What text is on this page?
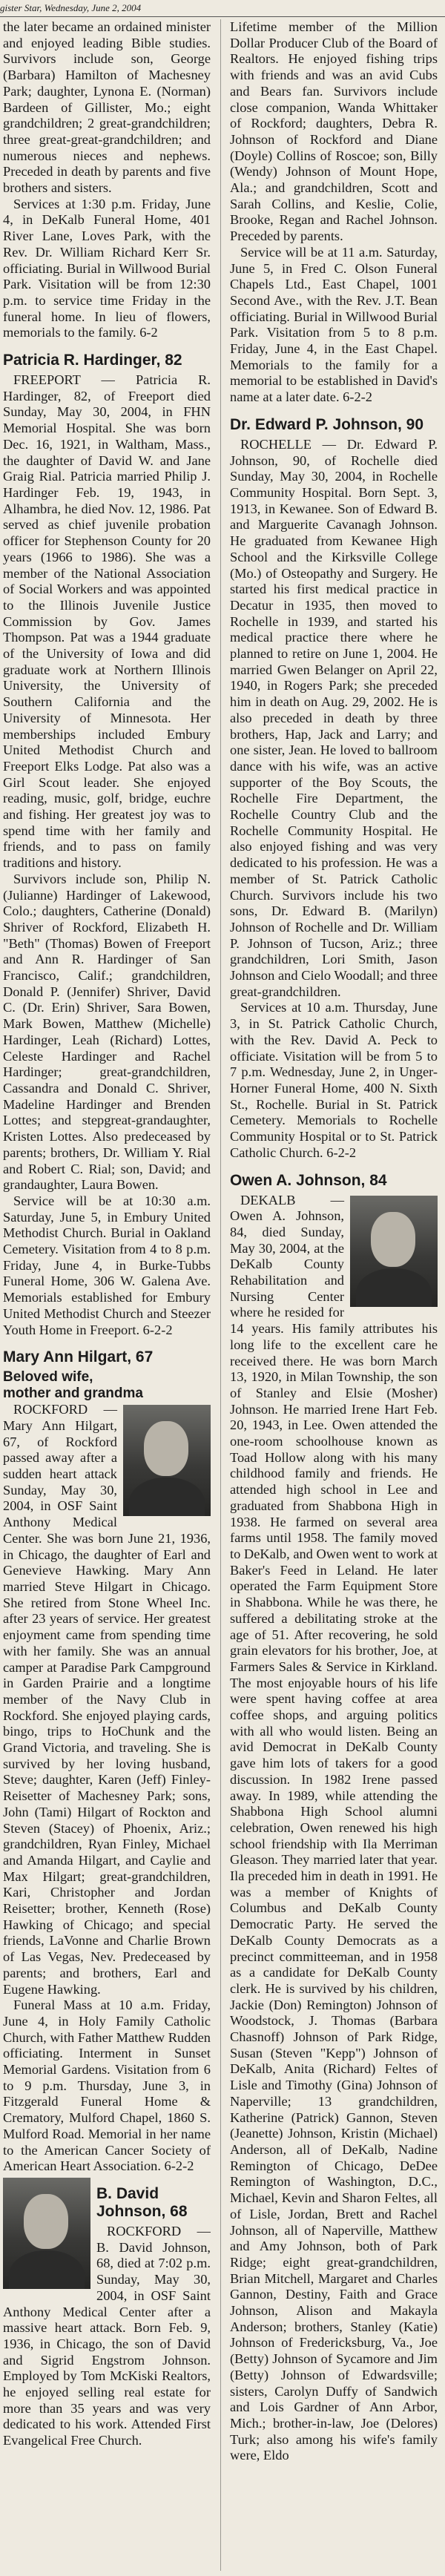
gister Star, Wednesday, June 2, 2004

the later became an ordained minister and enjoyed leading Bible studies. Survivors include son, George (Barbara) Hamilton of Machesney Park; daughter, Lynona E. (Norman) Bardeen of Gillister, Mo.; eight grandchildren; 2 great-grandchildren; three great-great-grandchildren; and numerous nieces and nephews. Preceded in death by parents and five brothers and sisters.

Services at 1:30 p.m. Friday, June 4, in DeKalb Funeral Home, 401 River Lane, Loves Park, with the Rev. Dr. William Richard Kerr Sr. officiating. Burial in Willwood Burial Park. Visitation will be from 12:30 p.m. to service time Friday in the funeral home. In lieu of flowers, memorials to the family. 6-2

Patricia R. Hardinger, 82

FREEPORT — Patricia R. Hardinger, 82, of Freeport died Sunday, May 30, 2004, in FHN Memorial Hospital. She was born Dec. 16, 1921, in Waltham, Mass., the daughter of David W. and Jane Graig Rial. Patricia married Philip J. Hardinger Feb. 19, 1943, in Alhambra, he died Nov. 12, 1986. Pat served as chief juvenile probation officer for Stephenson County for 20 years (1966 to 1986). She was a member of the National Association of Social Workers and was appointed to the Illinois Juvenile Justice Commission by Gov. James Thompson. Pat was a 1944 graduate of the University of Iowa and did graduate work at Northern Illinois University, the University of Southern California and the University of Minnesota. Her memberships included Embury United Methodist Church and Freeport Elks Lodge. Pat also was a Girl Scout leader. She enjoyed reading, music, golf, bridge, euchre and fishing. Her greatest joy was to spend time with her family and friends, and to pass on family traditions and history.

Survivors include son, Philip N. (Julianne) Hardinger of Lakewood, Colo.; daughters, Catherine (Donald) Shriver of Rockford, Elizabeth H. "Beth" (Thomas) Bowen of Freeport and Ann R. Hardinger of San Francisco, Calif.; grandchildren, Donald P. (Jennifer) Shriver, David C. (Dr. Erin) Shriver, Sara Bowen, Mark Bowen, Matthew (Michelle) Hardinger, Leah (Richard) Lottes, Celeste Hardinger and Rachel Hardinger; great-grandchildren, Cassandra and Donald C. Shriver, Madeline Hardinger and Brenden Lottes; and stepgreat-grandaughter, Kristen Lottes. Also predeceased by parents; brothers, Dr. William Y. Rial and Robert C. Rial; son, David; and grandaughter, Laura Bowen.

Service will be at 10:30 a.m. Saturday, June 5, in Embury United Methodist Church. Burial in Oakland Cemetery. Visitation from 4 to 8 p.m. Friday, June 4, in Burke-Tubbs Funeral Home, 306 W. Galena Ave. Memorials established for Embury United Methodist Church and Steezer Youth Home in Freeport. 6-2-2

Mary Ann Hilgart, 67
Beloved wife,
mother and grandma

ROCKFORD — Mary Ann Hilgart, 67, of Rockford passed away after a sudden heart attack Sunday, May 30, 2004, in OSF Saint Anthony Medical Center. She was born June 21, 1936, in Chicago, the daughter of Earl and Genevieve Hawking. Mary Ann married Steve Hilgart in Chicago. She retired from Stone Wheel Inc. after 23 years of service. Her greatest enjoyment came from spending time with her family. She was an annual camper at Paradise Park Campground in Garden Prairie and a longtime member of the Navy Club in Rockford. She enjoyed playing cards, bingo, trips to HoChunk and the Grand Victoria, and traveling. She is survived by her loving husband, Steve; daughter, Karen (Jeff) Finley-Reisetter of Machesney Park; sons, John (Tami) Hilgart of Rockton and Steven (Stacey) of Phoenix, Ariz.; grandchildren, Ryan Finley, Michael and Amanda Hilgart, and Caylie and Max Hilgart; great-grandchildren, Kari, Christopher and Jordan Reisetter; brother, Kenneth (Rose) Hawking of Chicago; and special friends, LaVonne and Charlie Brown of Las Vegas, Nev. Predeceased by parents; and brothers, Earl and Eugene Hawking.

Funeral Mass at 10 a.m. Friday, June 4, in Holy Family Catholic Church, with Father Matthew Rudden officiating. Interment in Sunset Memorial Gardens. Visitation from 6 to 9 p.m. Thursday, June 3, in Fitzgerald Funeral Home & Crematory, Mulford Chapel, 1860 S. Mulford Road. Memorial in her name to the American Cancer Society of American Heart Association. 6-2-2

B. David Johnson, 68

ROCKFORD — B. David Johnson, 68, died at 7:02 p.m. Sunday, May 30, 2004, in OSF Saint Anthony Medical Center after a massive heart attack. Born Feb. 9, 1936, in Chicago, the son of David and Sigrid Engstrom Johnson. Employed by Tom McKiski Realtors, he enjoyed selling real estate for more than 35 years and was very dedicated to his work. Attended First Evangelical Free Church.

Lifetime member of the Million Dollar Producer Club of the Board of Realtors. He enjoyed fishing trips with friends and was an avid Cubs and Bears fan. Survivors include close companion, Wanda Whittaker of Rockford; daughters, Debra R. Johnson of Rockford and Diane (Doyle) Collins of Roscoe; son, Billy (Wendy) Johnson of Mount Hope, Ala.; and grandchildren, Scott and Sarah Collins, and Keslie, Colie, Brooke, Regan and Rachel Johnson. Preceded by parents.

Service will be at 11 a.m. Saturday, June 5, in Fred C. Olson Funeral Chapels Ltd., East Chapel, 1001 Second Ave., with the Rev. J.T. Bean officiating. Burial in Willwood Burial Park. Visitation from 5 to 8 p.m. Friday, June 4, in the East Chapel. Memorials to the family for a memorial to be established in David's name at a later date. 6-2-2

Dr. Edward P. Johnson, 90

ROCHELLE — Dr. Edward P. Johnson, 90, of Rochelle died Sunday, May 30, 2004, in Rochelle Community Hospital. Born Sept. 3, 1913, in Kewanee. Son of Edward B. and Marguerite Cavanagh Johnson. He graduated from Kewanee High School and the Kirksville College (Mo.) of Osteopathy and Surgery. He started his first medical practice in Decatur in 1935, then moved to Rochelle in 1939, and started his medical practice there where he planned to retire on June 1, 2004. He married Gwen Belanger on April 22, 1940, in Rogers Park; she preceded him in death on Aug. 29, 2002. He is also preceded in death by three brothers, Hap, Jack and Larry; and one sister, Jean. He loved to ballroom dance with his wife, was an active supporter of the Boy Scouts, the Rochelle Fire Department, the Rochelle Country Club and the Rochelle Community Hospital. He also enjoyed fishing and was very dedicated to his profession. He was a member of St. Patrick Catholic Church. Survivors include his two sons, Dr. Edward B. (Marilyn) Johnson of Rochelle and Dr. William P. Johnson of Tucson, Ariz.; three grandchildren, Lori Smith, Jason Johnson and Cielo Woodall; and three great-grandchildren.

Services at 10 a.m. Thursday, June 3, in St. Patrick Catholic Church, with the Rev. David A. Peck to officiate. Visitation will be from 5 to 7 p.m. Wednesday, June 2, in Unger-Horner Funeral Home, 400 N. Sixth St., Rochelle. Burial in St. Patrick Cemetery. Memorials to Rochelle Community Hospital or to St. Patrick Catholic Church. 6-2-2

Owen A. Johnson, 84

DEKALB — Owen A. Johnson, 84, died Sunday, May 30, 2004, at the DeKalb County Rehabilitation and Nursing Center where he resided for 14 years. His family attributes his long life to the excellent care he received there. He was born March 13, 1920, in Milan Township, the son of Stanley and Elsie (Mosher) Johnson. He married Irene Hart Feb. 20, 1943, in Lee. Owen attended the one-room schoolhouse known as Toad Hollow along with his many childhood family and friends. He attended high school in Lee and graduated from Shabbona High in 1938. He farmed on several area farms until 1958. The family moved to DeKalb, and Owen went to work at Baker's Feed in Leland. He later operated the Farm Equipment Store in Shabbona. While he was there, he suffered a debilitating stroke at the age of 51. After recovering, he sold grain elevators for his brother, Joe, at Farmers Sales & Service in Kirkland. The most enjoyable hours of his life were spent having coffee at area coffee shops, and arguing politics with all who would listen. Being an avid Democrat in DeKalb County gave him lots of takers for a good discussion. In 1982 Irene passed away. In 1989, while attending the Shabbona High School alumni celebration, Owen renewed his high school friendship with Ila Merriman Gleason. They married later that year. Ila preceded him in death in 1991. He was a member of Knights of Columbus and DeKalb County Democratic Party. He served the DeKalb County Democrats as a precinct committeeman, and in 1958 as a candidate for DeKalb County clerk. He is survived by his children, Jackie (Don) Remington) Johnson of Woodstock, J. Thomas (Barbara Chasnoff) Johnson of Park Ridge, Susan (Steven "Kepp") Johnson of DeKalb, Anita (Richard) Feltes of Lisle and Timothy (Gina) Johnson of Naperville; 13 grandchildren, Katherine (Patrick) Gannon, Steven (Jeanette) Johnson, Kristin (Michael) Anderson, all of DeKalb, Nadine Remington of Chicago, DeDee Remington of Washington, D.C., Michael, Kevin and Sharon Feltes, all of Lisle, Jordan, Brett and Rachel Johnson, all of Naperville, Matthew and Amy Johnson, both of Park Ridge; eight great-grandchildren, Brian Mitchell, Margaret and Charles Gannon, Destiny, Faith and Grace Johnson, Alison and Makayla Anderson; brothers, Stanley (Katie) Johnson of Fredericksburg, Va., Joe (Betty) Johnson of Sycamore and Jim (Betty) Johnson of Edwardsville; sisters, Carolyn Duffy of Sandwich and Lois Gardner of Ann Arbor, Mich.; brother-in-law, Joe (Delores) Turk; also among his wife's family were, Eldo
